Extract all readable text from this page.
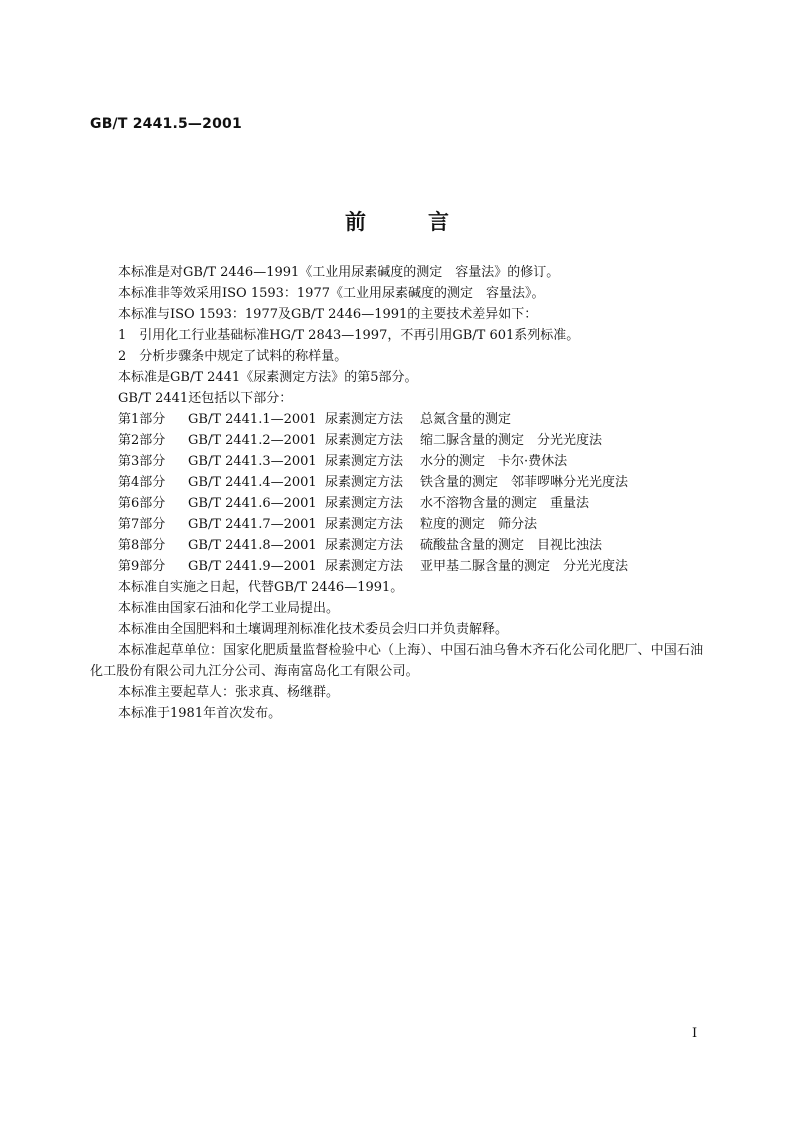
GB/T 2441.5—2001
前言

本标准是对GB/T 2446—1991《工业用尿素碱度的测定　容量法》的修订。

本标准非等效采用ISO 1593：1977《工业用尿素碱度的测定　容量法》。

本标准与ISO 1593：1977及GB/T 2446—1991的主要技术差异如下：

1　引用化工行业基础标准HG/T 2843—1997，不再引用GB/T 601系列标准。

2　分析步骤条中规定了试料的称样量。

本标准是GB/T 2441《尿素测定方法》的第5部分。

GB/T 2441还包括以下部分：

第1部分	GB/T 2441.1—2001 尿素测定方法	总氮含量的测定
第2部分	GB/T 2441.2—2001 尿素测定方法	缩二脲含量的测定 分光光度法
第3部分	GB/T 2441.3—2001 尿素测定方法	水分的测定 卡尔·费休法
第4部分	GB/T 2441.4—2001 尿素测定方法	铁含量的测定 邻菲啰啉分光光度法
第6部分	GB/T 2441.6—2001 尿素测定方法	水不溶物含量的测定 重量法
第7部分	GB/T 2441.7—2001 尿素测定方法	粒度的测定 筛分法
第8部分	GB/T 2441.8—2001 尿素测定方法	硫酸盐含量的测定 目视比浊法
第9部分	GB/T 2441.9—2001 尿素测定方法	亚甲基二脲含量的测定 分光光度法

本标准自实施之日起，代替GB/T 2446—1991。

本标准由国家石油和化学工业局提出。

本标准由全国肥料和土壤调理剂标准化技术委员会归口并负责解释。

本标准起草单位：国家化肥质量监督检验中心（上海）、中国石油乌鲁木齐石化公司化肥厂、中国石油化工股份有限公司九江分公司、海南富岛化工有限公司。

本标准主要起草人：张求真、杨继群。

本标准于1981年首次发布。

I
